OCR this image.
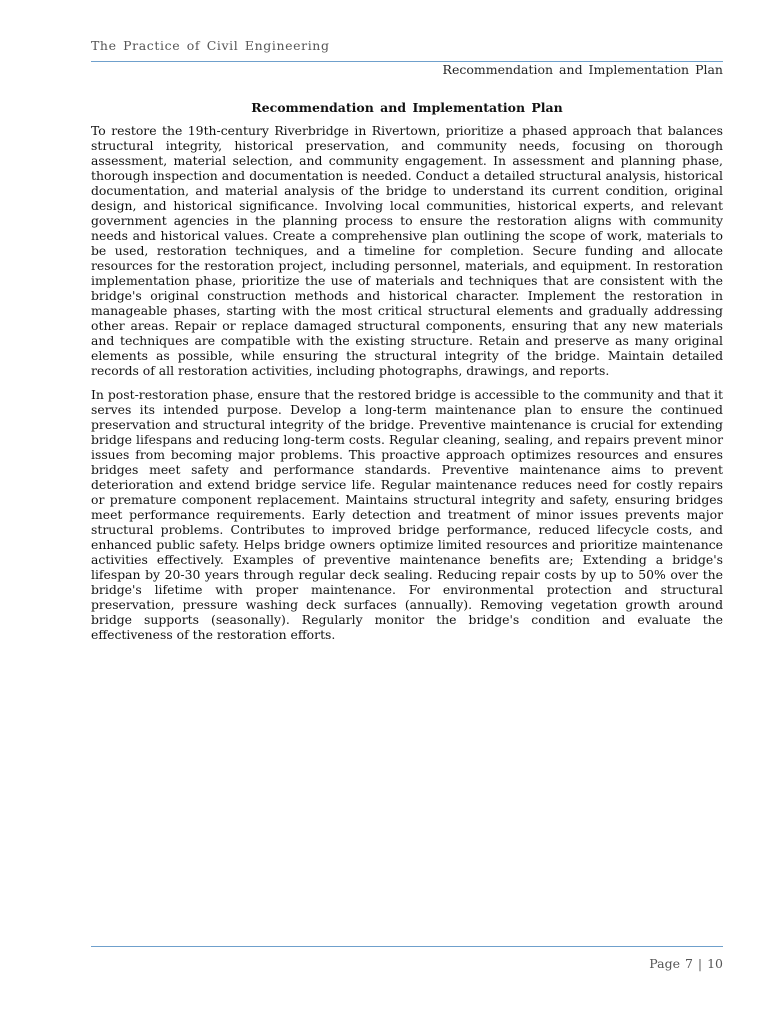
The Practice of Civil Engineering
Recommendation and Implementation Plan
Recommendation and Implementation Plan

To restore the 19th-century Riverbridge in Rivertown, prioritize a phased approach that balances structural integrity, historical preservation, and community needs, focusing on thorough assessment, material selection, and community engagement. In assessment and planning phase, thorough inspection and documentation is needed. Conduct a detailed structural analysis, historical documentation, and material analysis of the bridge to understand its current condition, original design, and historical significance. Involving local communities, historical experts, and relevant government agencies in the planning process to ensure the restoration aligns with community needs and historical values. Create a comprehensive plan outlining the scope of work, materials to be used, restoration techniques, and a timeline for completion. Secure funding and allocate resources for the restoration project, including personnel, materials, and equipment. In restoration implementation phase, prioritize the use of materials and techniques that are consistent with the bridge's original construction methods and historical character. Implement the restoration in manageable phases, starting with the most critical structural elements and gradually addressing other areas. Repair or replace damaged structural components, ensuring that any new materials and techniques are compatible with the existing structure. Retain and preserve as many original elements as possible, while ensuring the structural integrity of the bridge. Maintain detailed records of all restoration activities, including photographs, drawings, and reports.

In post-restoration phase, ensure that the restored bridge is accessible to the community and that it serves its intended purpose. Develop a long-term maintenance plan to ensure the continued preservation and structural integrity of the bridge. Preventive maintenance is crucial for extending bridge lifespans and reducing long-term costs. Regular cleaning, sealing, and repairs prevent minor issues from becoming major problems. This proactive approach optimizes resources and ensures bridges meet safety and performance standards. Preventive maintenance aims to prevent deterioration and extend bridge service life. Regular maintenance reduces need for costly repairs or premature component replacement. Maintains structural integrity and safety, ensuring bridges meet performance requirements. Early detection and treatment of minor issues prevents major structural problems. Contributes to improved bridge performance, reduced lifecycle costs, and enhanced public safety. Helps bridge owners optimize limited resources and prioritize maintenance activities effectively. Examples of preventive maintenance benefits are; Extending a bridge's lifespan by 20-30 years through regular deck sealing. Reducing repair costs by up to 50% over the bridge's lifetime with proper maintenance. For environmental protection and structural preservation, pressure washing deck surfaces (annually). Removing vegetation growth around bridge supports (seasonally). Regularly monitor the bridge's condition and evaluate the effectiveness of the restoration efforts.

Page 7 | 10
